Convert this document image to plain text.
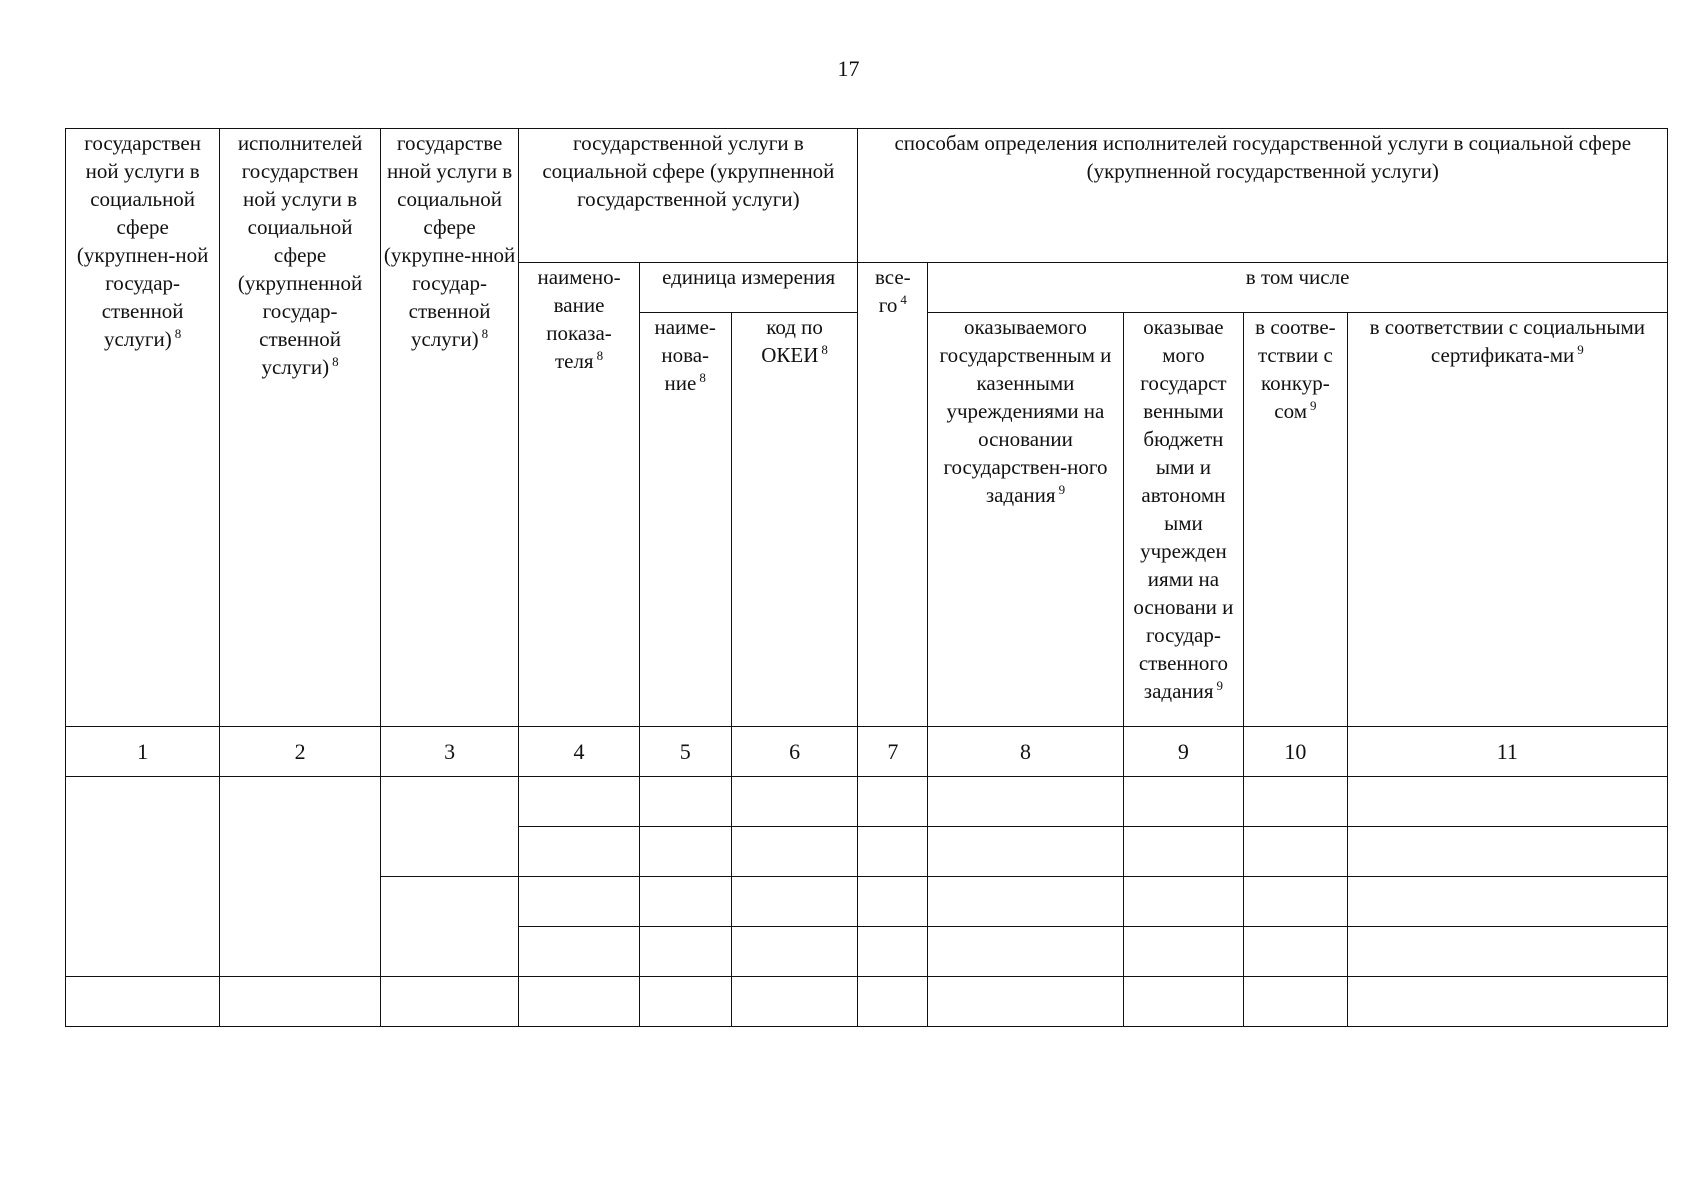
17
государствен ной услуги в социальной сфере (укрупнен-ной государ-ственной услуги) $^8$	исполнителей государствен ной услуги в социальной сфере (укрупненной государ-ственной услуги) $^8$	государстве нной услуги в социальной сфере (укрупне-нной государ-ственной услуги) $^8$	государственной услуги в социальной сфере (укрупненной государственной услуги)			способам определения исполнителей государственной услуги в социальной сфере (укрупненной государственной услуги)				
			наимено-вание показа-теля $^8$	единица измерения		все-го $^4$	в том числе			
				наиме-нова-ние $^8$	код по ОКЕИ $^8$		оказываемого государственным и казенными учреждениями на основании государствен-ного задания $^9$	оказывае мого государст венными бюджетн ыми и автономн ыми учрежден иями на основани и государ-ственного задания $^9$	в соотве-тствии с конкур-сом $^9$	в соответствии с социальными сертификата-ми $^9$
1	2	3	4	5	6	7	8	9	10	11
